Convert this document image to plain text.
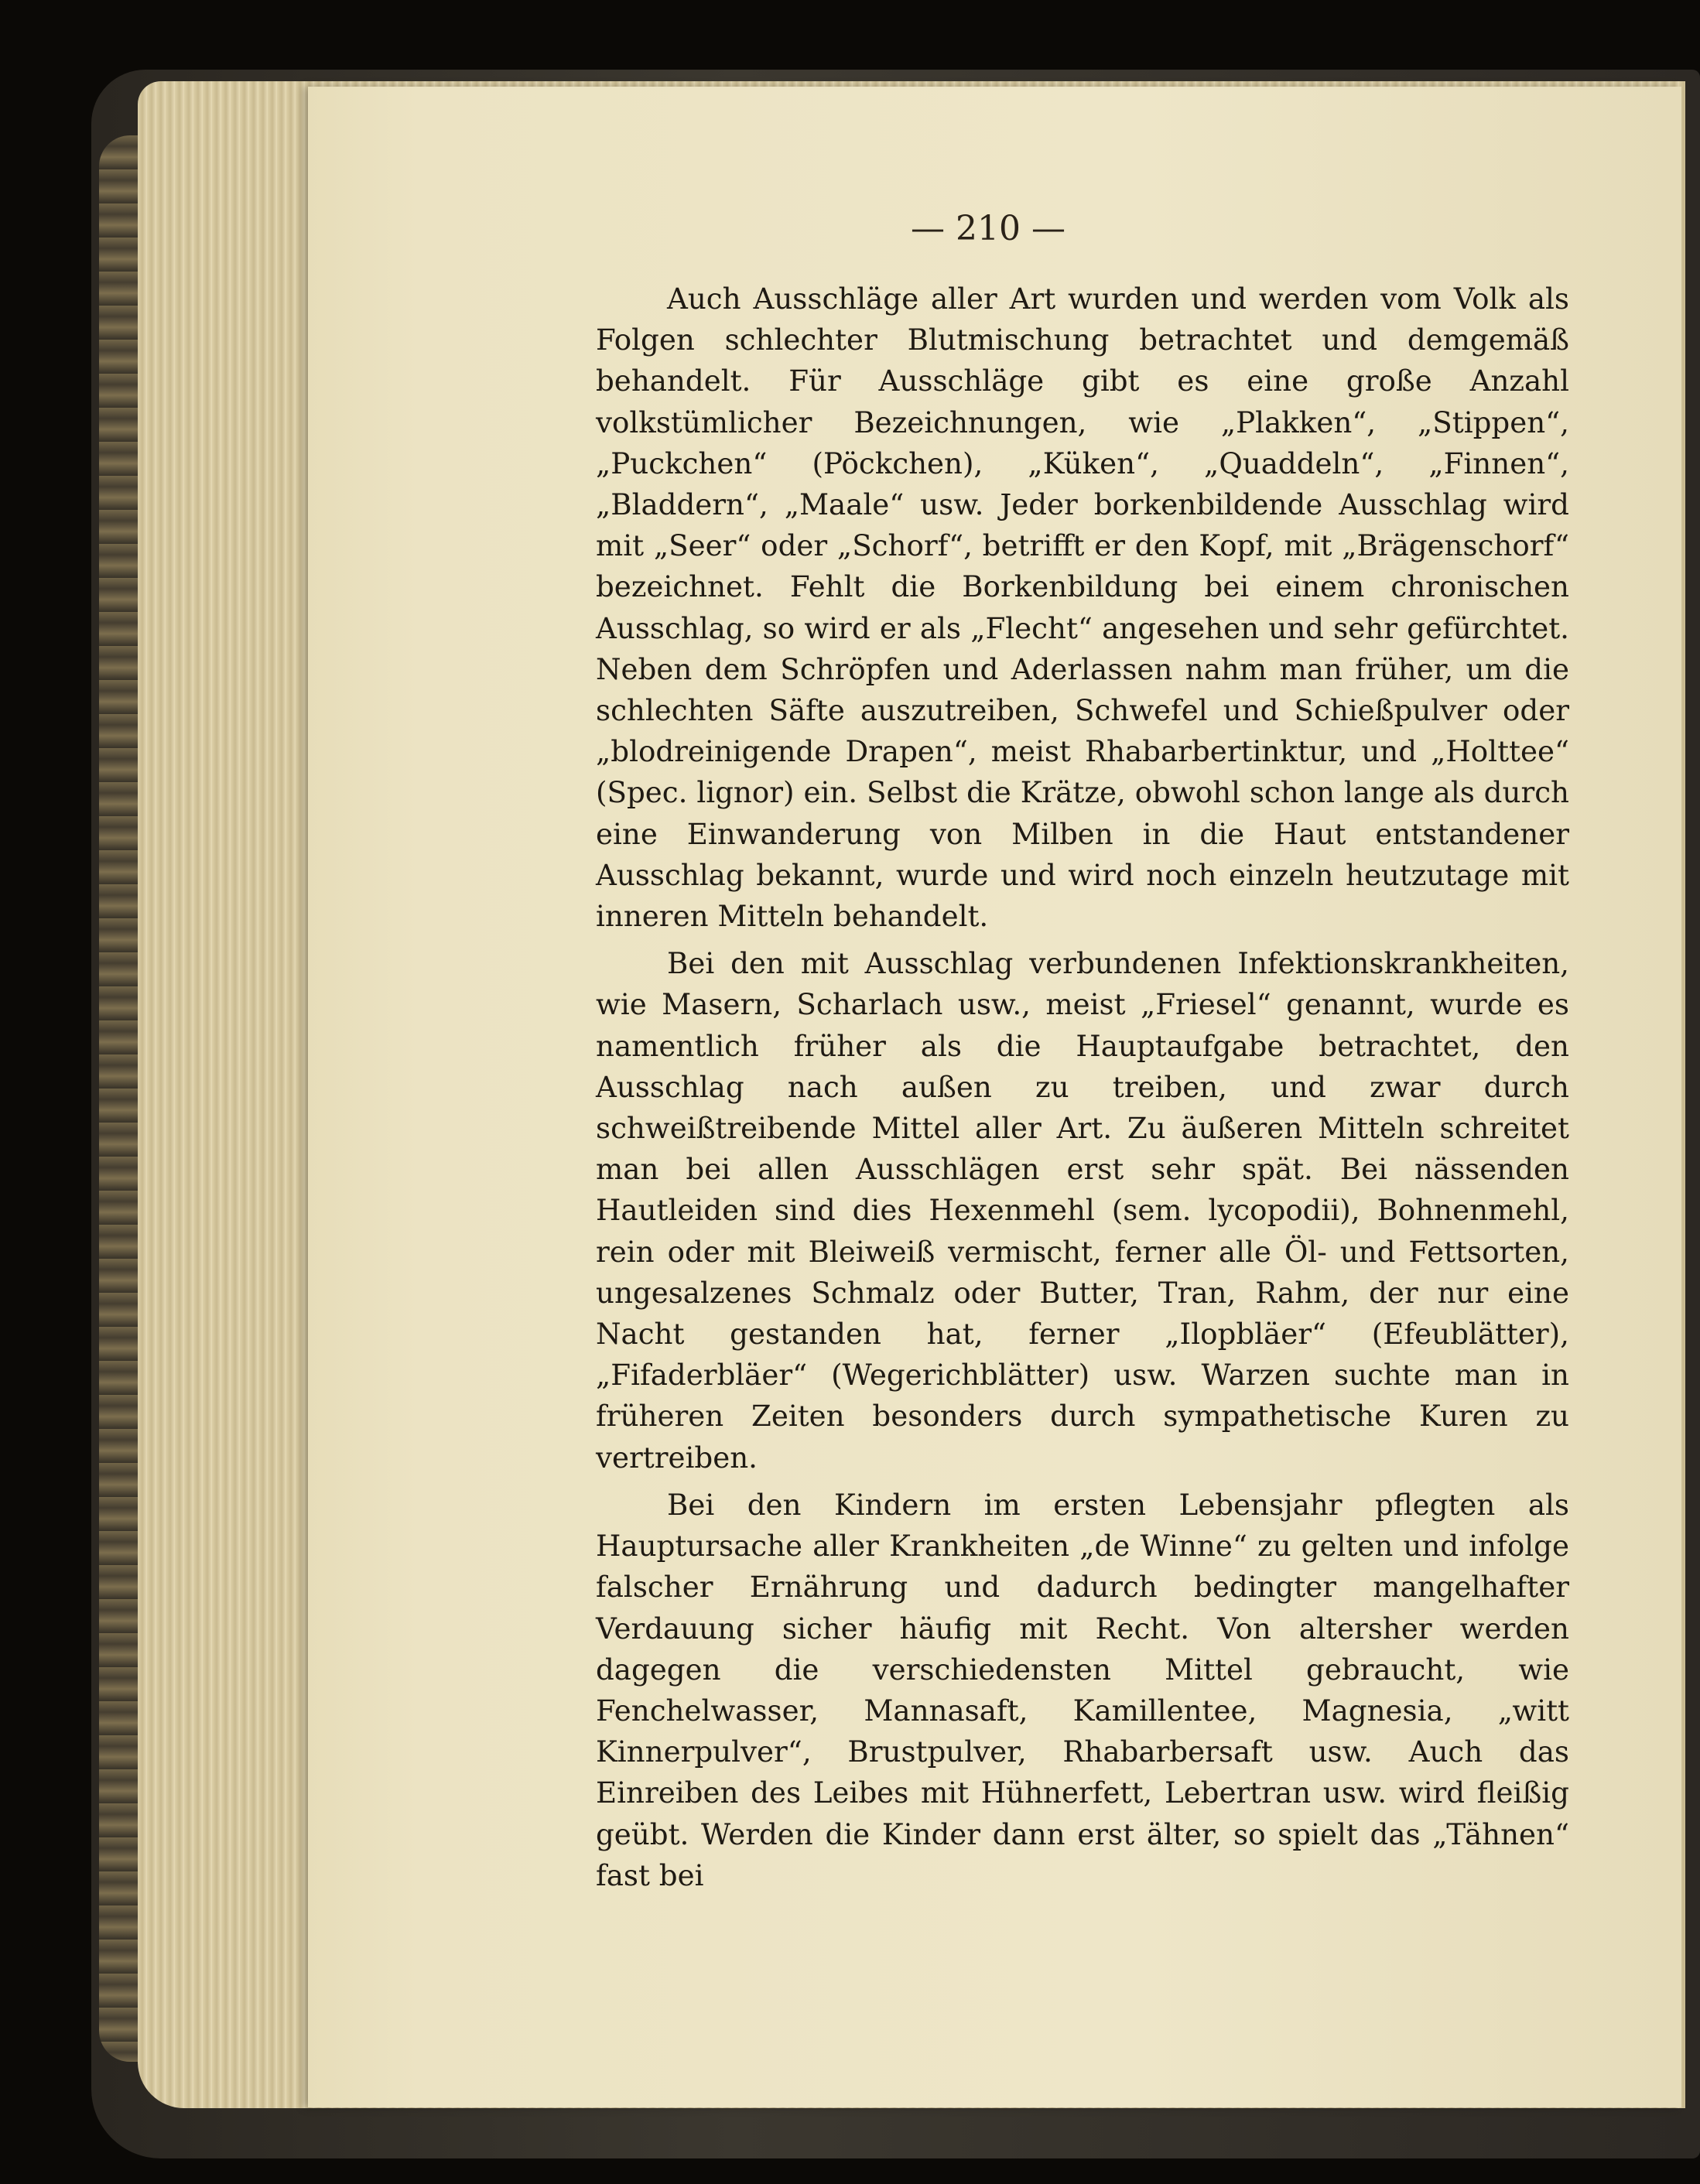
— 210 —

Auch Ausschläge aller Art wurden und werden vom Volk als Folgen schlechter Blutmischung betrachtet und demgemäß behandelt. Für Ausschläge gibt es eine große Anzahl volkstümlicher Bezeichnungen, wie „Plakken“, „Stippen“, „Puckchen“ (Pöckchen), „Küken“, „Quaddeln“, „Finnen“, „Bladdern“, „Maale“ usw. Jeder borkenbildende Ausschlag wird mit „Seer“ oder „Schorf“, betrifft er den Kopf, mit „Brägenschorf“ bezeichnet. Fehlt die Borkenbildung bei einem chronischen Ausschlag, so wird er als „Flecht“ angesehen und sehr gefürchtet. Neben dem Schröpfen und Aderlassen nahm man früher, um die schlechten Säfte auszutreiben, Schwefel und Schießpulver oder „blodreinigende Drapen“, meist Rhabarbertinktur, und „Holttee“ (Spec. lignor) ein. Selbst die Krätze, obwohl schon lange als durch eine Einwanderung von Milben in die Haut entstandener Ausschlag bekannt, wurde und wird noch einzeln heutzutage mit inneren Mitteln behandelt.

Bei den mit Ausschlag verbundenen Infektionskrankheiten, wie Masern, Scharlach usw., meist „Friesel“ genannt, wurde es namentlich früher als die Hauptaufgabe betrachtet, den Ausschlag nach außen zu treiben, und zwar durch schweißtreibende Mittel aller Art. Zu äußeren Mitteln schreitet man bei allen Ausschlägen erst sehr spät. Bei nässenden Hautleiden sind dies Hexenmehl (sem. lycopodii), Bohnenmehl, rein oder mit Bleiweiß vermischt, ferner alle Öl- und Fettsorten, ungesalzenes Schmalz oder Butter, Tran, Rahm, der nur eine Nacht gestanden hat, ferner „Ilopbläer“ (Efeublätter), „Fifaderbläer“ (Wegerichblätter) usw. Warzen suchte man in früheren Zeiten besonders durch sympathetische Kuren zu vertreiben.

Bei den Kindern im ersten Lebensjahr pflegten als Hauptursache aller Krankheiten „de Winne“ zu gelten und infolge falscher Ernährung und dadurch bedingter mangelhafter Verdauung sicher häufig mit Recht. Von altersher werden dagegen die verschiedensten Mittel gebraucht, wie Fenchelwasser, Mannasaft, Kamillentee, Magnesia, „witt Kinnerpulver“, Brustpulver, Rhabarbersaft usw. Auch das Einreiben des Leibes mit Hühnerfett, Lebertran usw. wird fleißig geübt. Werden die Kinder dann erst älter, so spielt das „Tähnen“ fast bei
